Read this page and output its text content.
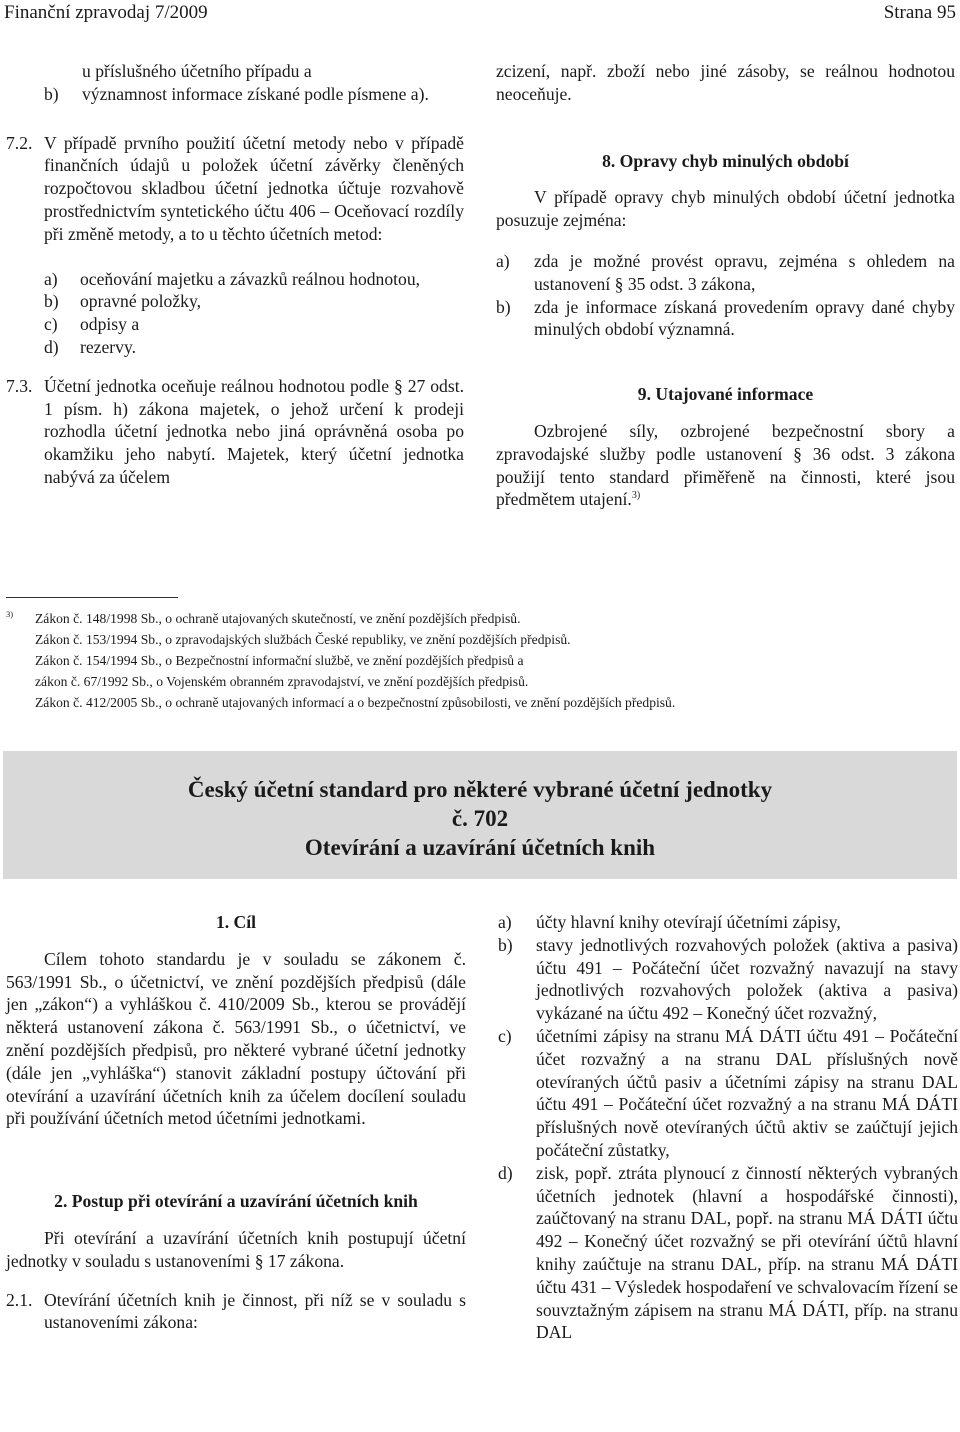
Finanční zpravodaj 7/2009	Strana 95
u příslušného účetního případu a
b) významnost informace získané podle písmene a).
7.2. V případě prvního použití účetní metody nebo v případě finančních údajů u položek účetní závěrky členěných rozpočtovou skladbou účetní jednotka účtuje rozvahově prostřednictvím syntetického účtu 406 – Oceňovací rozdíly při změně metody, a to u těchto účetních metod:
a) oceňování majetku a závazků reálnou hodnotou,
b) opravné položky,
c) odpisy a
d) rezervy.
7.3. Účetní jednotka oceňuje reálnou hodnotou podle § 27 odst. 1 písm. h) zákona majetek, o jehož určení k prodeji rozhodla účetní jednotka nebo jiná oprávněná osoba po okamžiku jeho nabytí. Majetek, který účetní jednotka nabývá za účelem

zcizení, např. zboží nebo jiné zásoby, se reálnou hodnotou neoceňuje.

8. Opravy chyb minulých období

V případě opravy chyb minulých období účetní jednotka posuzuje zejména:

a) zda je možné provést opravu, zejména s ohledem na ustanovení § 35 odst. 3 zákona,
b) zda je informace získaná provedením opravy dané chyby minulých období významná.
9. Utajované informace

Ozbrojené síly, ozbrojené bezpečnostní sbory a zpravodajské služby podle ustanovení § 36 odst. 3 zákona použijí tento standard přiměřeně na činnosti, které jsou předmětem utajení.$^{3)}$

3)	Zákon č. 148/1998 Sb., o ochraně utajovaných skutečností, ve znění pozdějších předpisů.
Zákon č. 153/1994 Sb., o zpravodajských službách České republiky, ve znění pozdějších předpisů.
Zákon č. 154/1994 Sb., o Bezpečnostní informační službě, ve znění pozdějších předpisů a
zákon č. 67/1992 Sb., o Vojenském obranném zpravodajství, ve znění pozdějších předpisů.
Zákon č. 412/2005 Sb., o ochraně utajovaných informací a o bezpečnostní způsobilosti, ve znění pozdějších předpisů.
Český účetní standard pro některé vybrané účetní jednotky
č. 702
Otevírání a uzavírání účetních knih
1. Cíl

Cílem tohoto standardu je v souladu se zákonem č. 563/1991 Sb., o účetnictví, ve znění pozdějších předpisů (dále jen „zákon“) a vyhláškou č. 410/2009 Sb., kterou se provádějí některá ustanovení zákona č. 563/1991 Sb., o účetnictví, ve znění pozdějších předpisů, pro některé vybrané účetní jednotky (dále jen „vyhláška“) stanovit základní postupy účtování při otevírání a uzavírání účetních knih za účelem docílení souladu při používání účetních metod účetními jednotkami.

2. Postup při otevírání a uzavírání účetních knih

Při otevírání a uzavírání účetních knih postupují účetní jednotky v souladu s ustanoveními § 17 zákona.

2.1. Otevírání účetních knih je činnost, při níž se v souladu s ustanoveními zákona:
a) účty hlavní knihy otevírají účetními zápisy,
b) stavy jednotlivých rozvahových položek (aktiva a pasiva) účtu 491 – Počáteční účet rozvažný navazují na stavy jednotlivých rozvahových položek (aktiva a pasiva) vykázané na účtu 492 – Konečný účet rozvažný,
c) účetními zápisy na stranu MÁ DÁTI účtu 491 – Počáteční účet rozvažný a na stranu DAL příslušných nově otevíraných účtů pasiv a účetními zápisy na stranu DAL účtu 491 – Počáteční účet rozvažný a na stranu MÁ DÁTI příslušných nově otevíraných účtů aktiv se zaúčtují jejich počáteční zůstatky,
d) zisk, popř. ztráta plynoucí z činností některých vybraných účetních jednotek (hlavní a hospodářské činnosti), zaúčtovaný na stranu DAL, popř. na stranu MÁ DÁTI účtu 492 – Konečný účet rozvažný se při otevírání účtů hlavní knihy zaúčtuje na stranu DAL, příp. na stranu MÁ DÁTI účtu 431 – Výsledek hospodaření ve schvalovacím řízení se souvztažným zápisem na stranu MÁ DÁTI, příp. na stranu DAL
